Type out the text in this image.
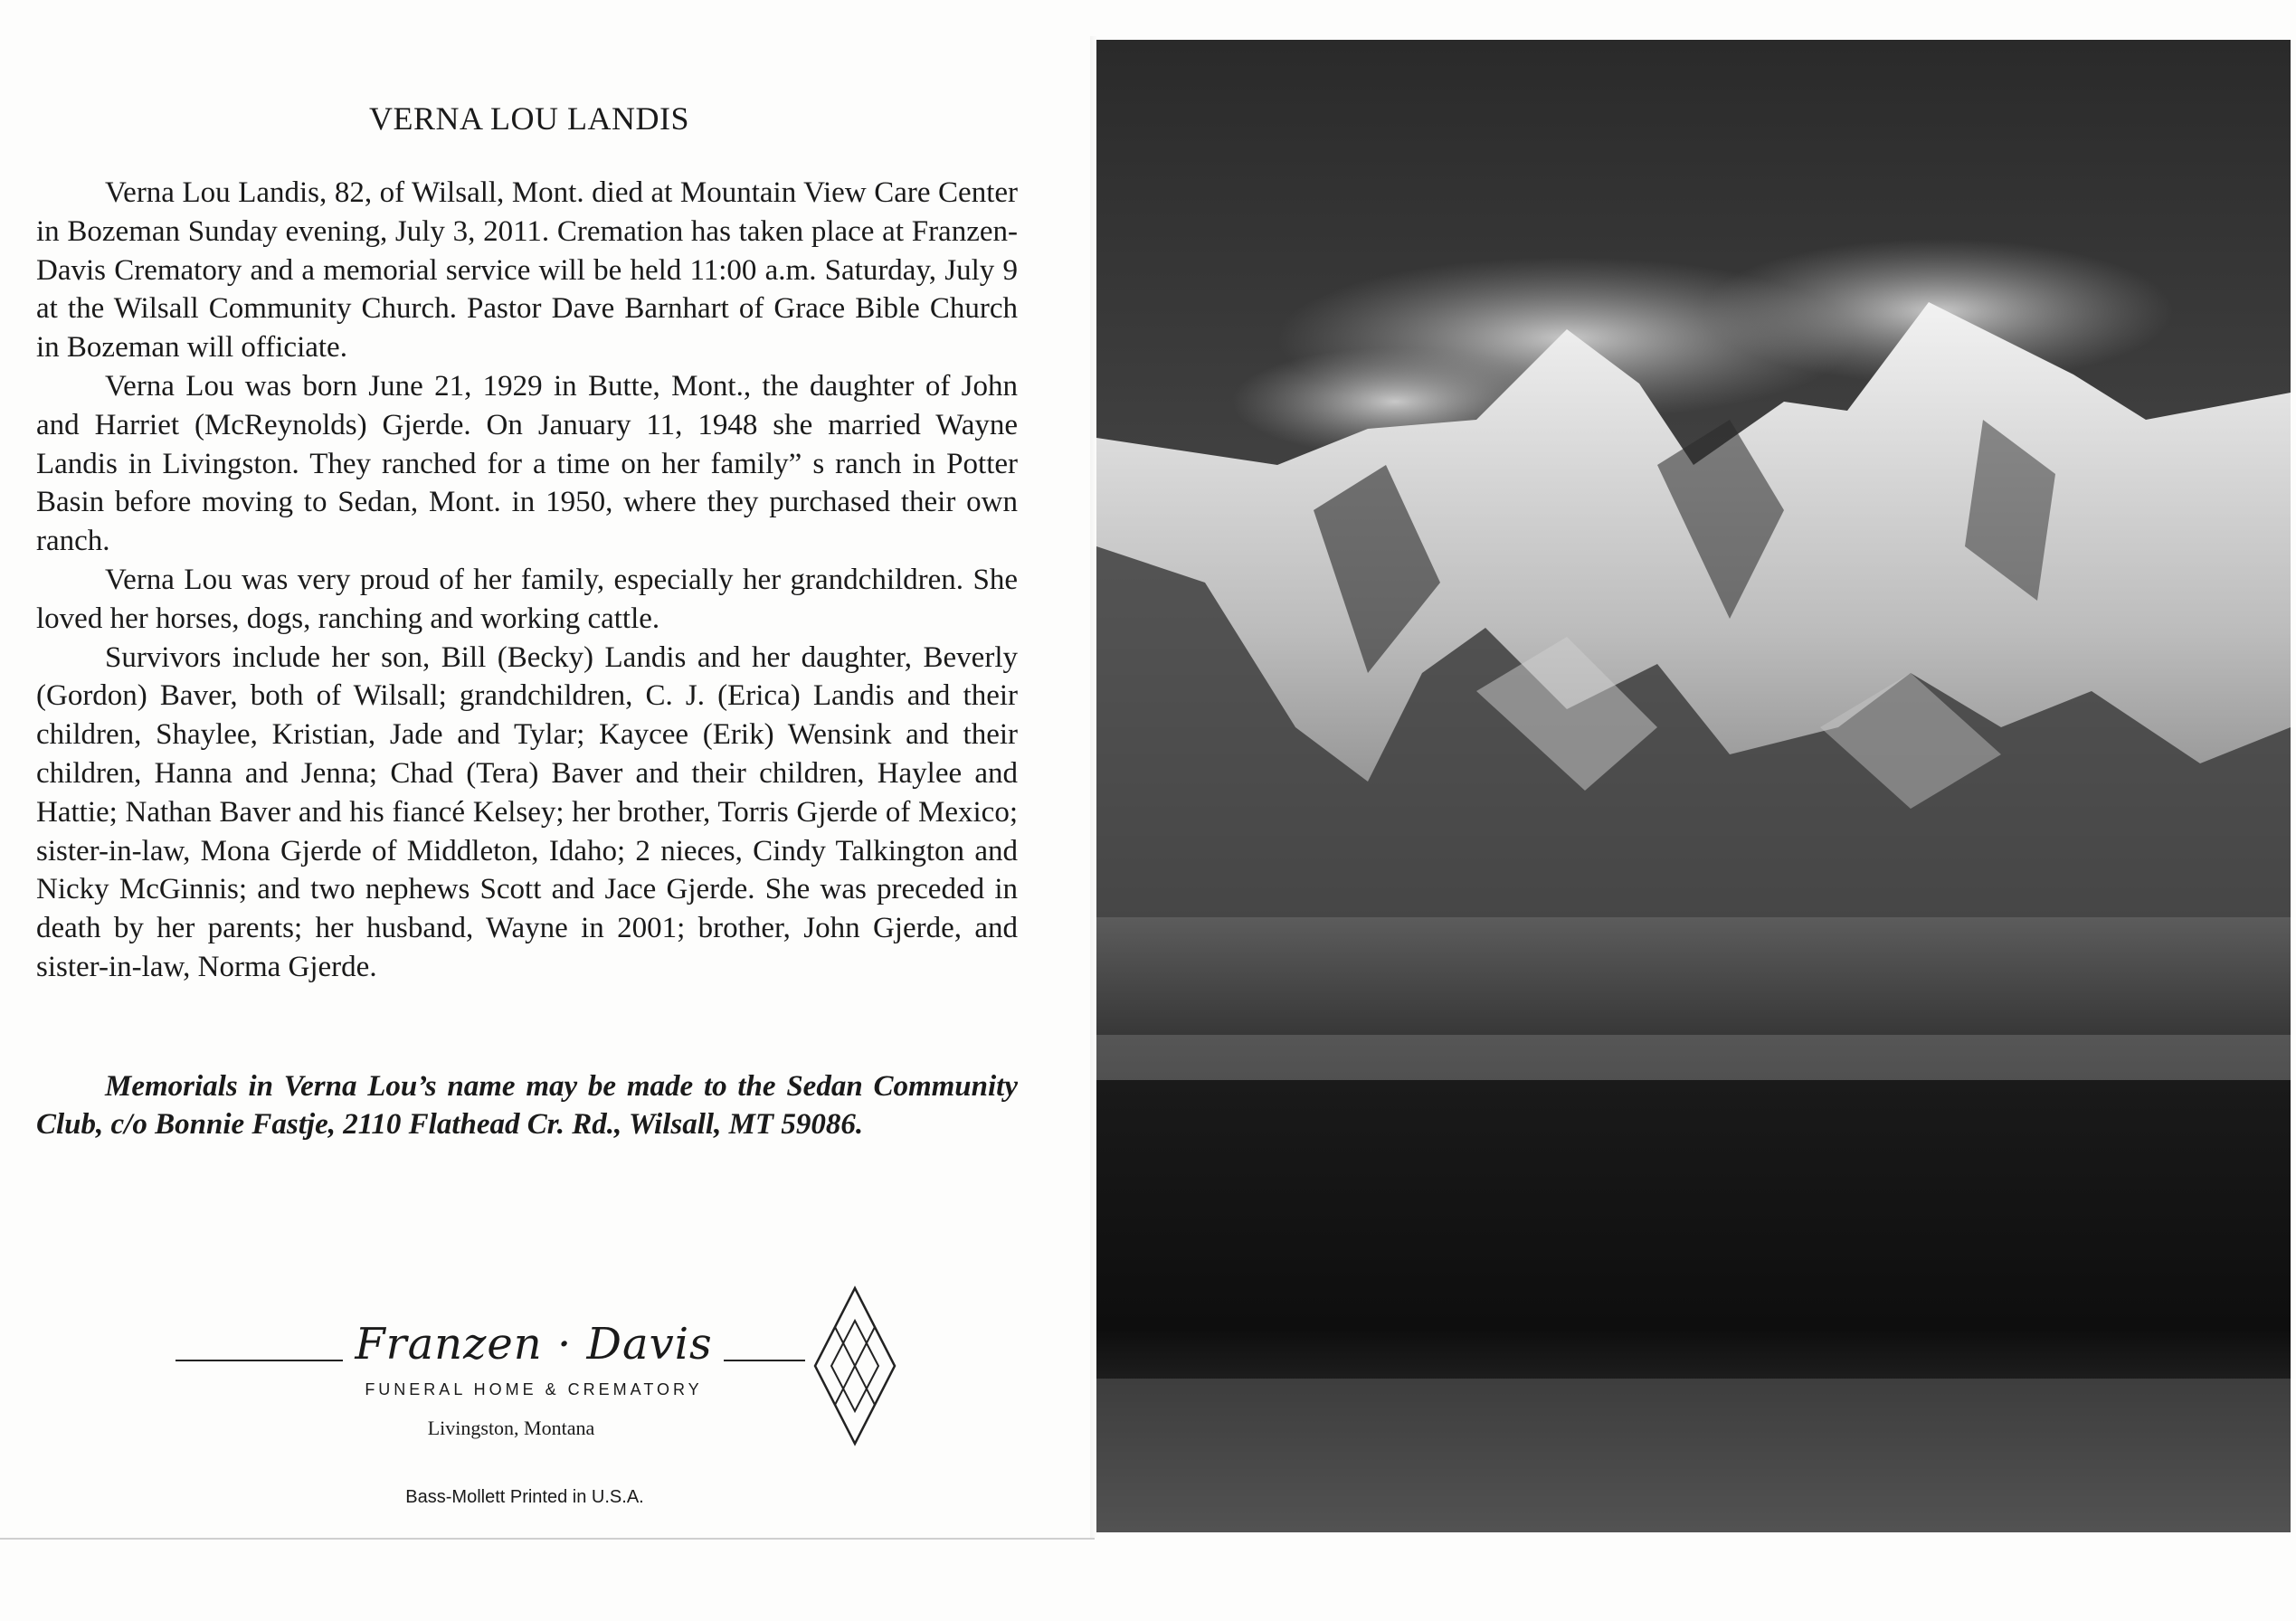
VERNA LOU LANDIS

Verna Lou Landis, 82, of Wilsall, Mont. died at Mountain View Care Center in Bozeman Sunday evening, July 3, 2011. Cremation has taken place at Franzen-Davis Crematory and a memorial service will be held 11:00 a.m. Saturday, July 9 at the Wilsall Community Church. Pastor Dave Barnhart of Grace Bible Church in Bozeman will officiate.

Verna Lou was born June 21, 1929 in Butte, Mont., the daughter of John and Harriet (McReynolds) Gjerde. On January 11, 1948 she married Wayne Landis in Livingston. They ranched for a time on her family” s ranch in Potter Basin before moving to Sedan, Mont. in 1950, where they purchased their own ranch.

Verna Lou was very proud of her family, especially her grandchildren. She loved her horses, dogs, ranching and working cattle.

Survivors include her son, Bill (Becky) Landis and her daughter, Beverly (Gordon) Baver, both of Wilsall; grandchildren, C. J. (Erica) Landis and their children, Shaylee, Kristian, Jade and Tylar; Kaycee (Erik) Wensink and their children, Hanna and Jenna; Chad (Tera) Baver and their children, Haylee and Hattie; Nathan Baver and his fiancé Kelsey; her brother, Torris Gjerde of Mexico; sister-in-law, Mona Gjerde of Middleton, Idaho; 2 nieces, Cindy Talkington and Nicky McGinnis; and two nephews Scott and Jace Gjerde. She was preceded in death by her parents; her husband, Wayne in 2001; brother, John Gjerde, and sister-in-law, Norma Gjerde.

Memorials in Verna Lou’s name may be made to the Sedan Community Club, c/o Bonnie Fastje, 2110 Flathead Cr. Rd., Wilsall, MT 59086.
Franzen · Davis
FUNERAL HOME & CREMATORY
Livingston, Montana
Bass-Mollett Printed in U.S.A.
